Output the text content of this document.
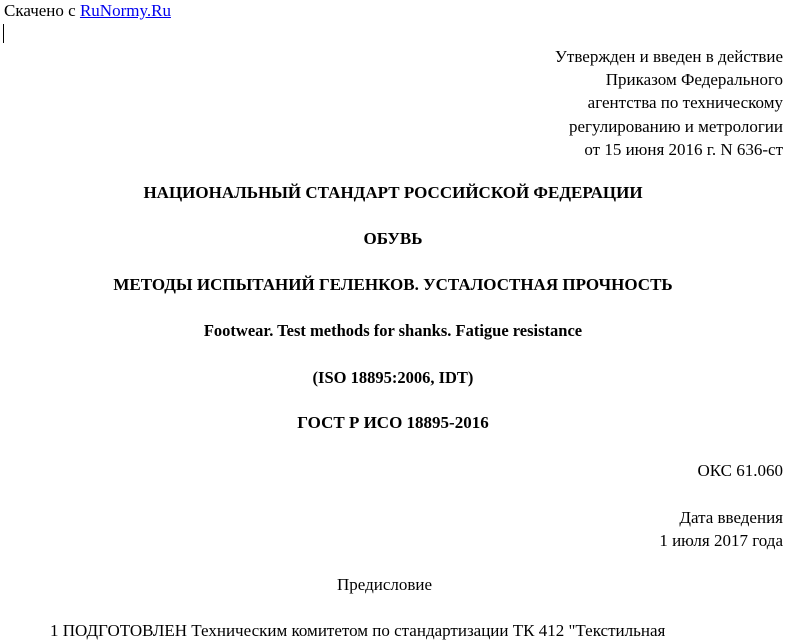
Скачено с RuNormy.Ru
Утвержден и введен в действие
Приказом Федерального
агентства по техническому
регулированию и метрологии
от 15 июня 2016 г. N 636-ст
НАЦИОНАЛЬНЫЙ СТАНДАРТ РОССИЙСКОЙ ФЕДЕРАЦИИ
ОБУВЬ
МЕТОДЫ ИСПЫТАНИЙ ГЕЛЕНКОВ. УСТАЛОСТНАЯ ПРОЧНОСТЬ
Footwear. Test methods for shanks. Fatigue resistance
(ISO 18895:2006, IDT)
ГОСТ Р ИСО 18895-2016
ОКС 61.060
Дата введения
1 июля 2017 года
Предисловие
1 ПОДГОТОВЛЕН Техническим комитетом по стандартизации ТК 412 "Текстильная
